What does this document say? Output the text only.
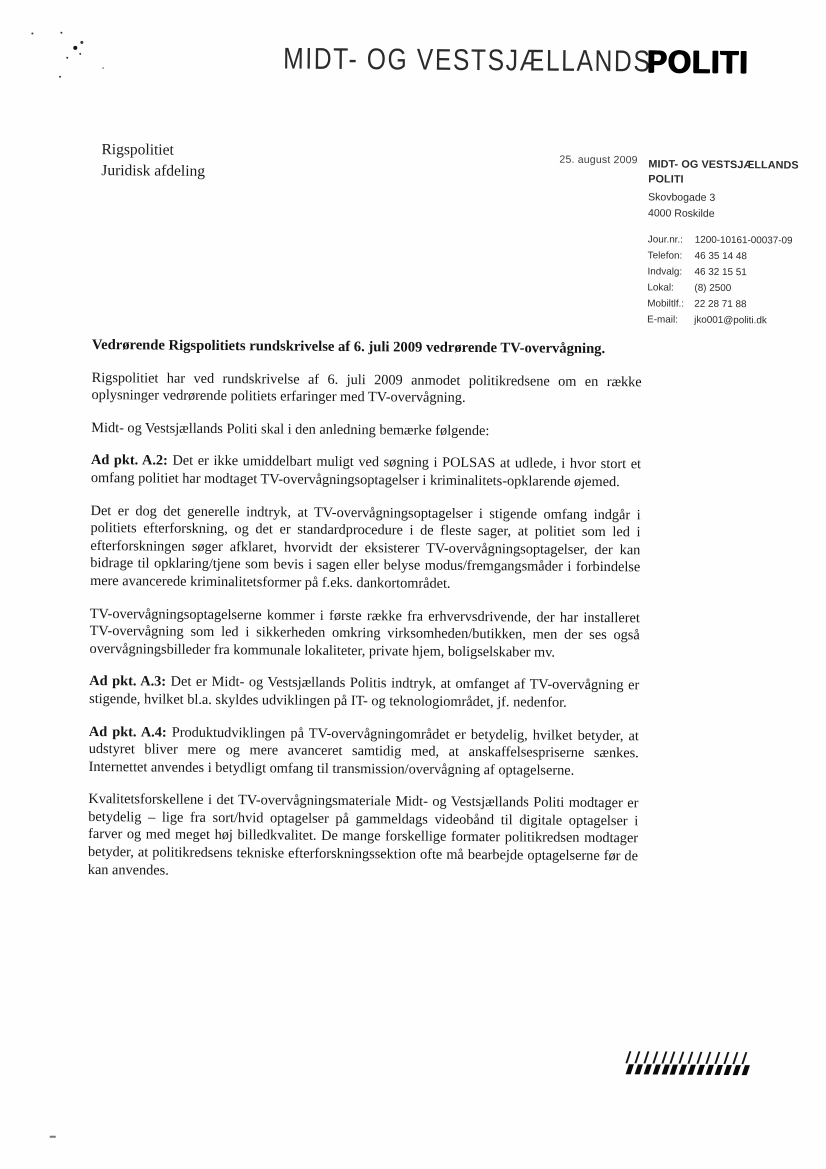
MIDT- OG VESTSJÆLLANDS
POLITI
Rigspolitiet
Juridisk afdeling
25. august 2009 MIDT- OG VESTSJÆLLANDS
POLITI
Skovbogade 3
4000 Roskilde
Jour.nr.:	1200-10161-00037-09
Telefon:	46 35 14 48
Indvalg:	46 32 15 51
Lokal:	(8) 2500
Mobiltlf.:	22 28 71 88
E-mail:	jko001@politi.dk
Vedrørende Rigspolitiets rundskrivelse af 6. juli 2009 vedrørende TV-overvågning.

Rigspolitiet har ved rundskrivelse af 6. juli 2009 anmodet politikredsene om en række oplysninger vedrørende politiets erfaringer med TV-overvågning.

Midt- og Vestsjællands Politi skal i den anledning bemærke følgende:

Ad pkt. A.2: Det er ikke umiddelbart muligt ved søgning i POLSAS at udlede, i hvor stort et omfang politiet har modtaget TV-overvågningsoptagelser i kriminalitets-opklarende øjemed.

Det er dog det generelle indtryk, at TV-overvågningsoptagelser i stigende omfang indgår i politiets efterforskning, og det er standardprocedure i de fleste sager, at politiet som led i efterforskningen søger afklaret, hvorvidt der eksisterer TV-overvågningsoptagelser, der kan bidrage til opklaring/tjene som bevis i sagen eller belyse modus/fremgangsmåder i forbindelse mere avancerede kriminalitetsformer på f.eks. dankortområdet.

TV-overvågningsoptagelserne kommer i første række fra erhvervsdrivende, der har installeret TV-overvågning som led i sikkerheden omkring virksomheden/butikken, men der ses også overvågningsbilleder fra kommunale lokaliteter, private hjem, boligselskaber mv.

Ad pkt. A.3: Det er Midt- og Vestsjællands Politis indtryk, at omfanget af TV-overvågning er stigende, hvilket bl.a. skyldes udviklingen på IT- og teknologiområdet, jf. nedenfor.

Ad pkt. A.4: Produktudviklingen på TV-overvågningområdet er betydelig, hvilket betyder, at udstyret bliver mere og mere avanceret samtidig med, at anskaffelsespriserne sænkes. Internettet anvendes i betydligt omfang til transmission/overvågning af optagelserne.

Kvalitetsforskellene i det TV-overvågningsmateriale Midt- og Vestsjællands Politi modtager er betydelig – lige fra sort/hvid optagelser på gammeldags videobånd til digitale optagelser i farver og med meget høj billedkvalitet. De mange forskellige formater politikredsen modtager betyder, at politikredsens tekniske efterforskningssektion ofte må bearbejde optagelserne før de kan anvendes.
